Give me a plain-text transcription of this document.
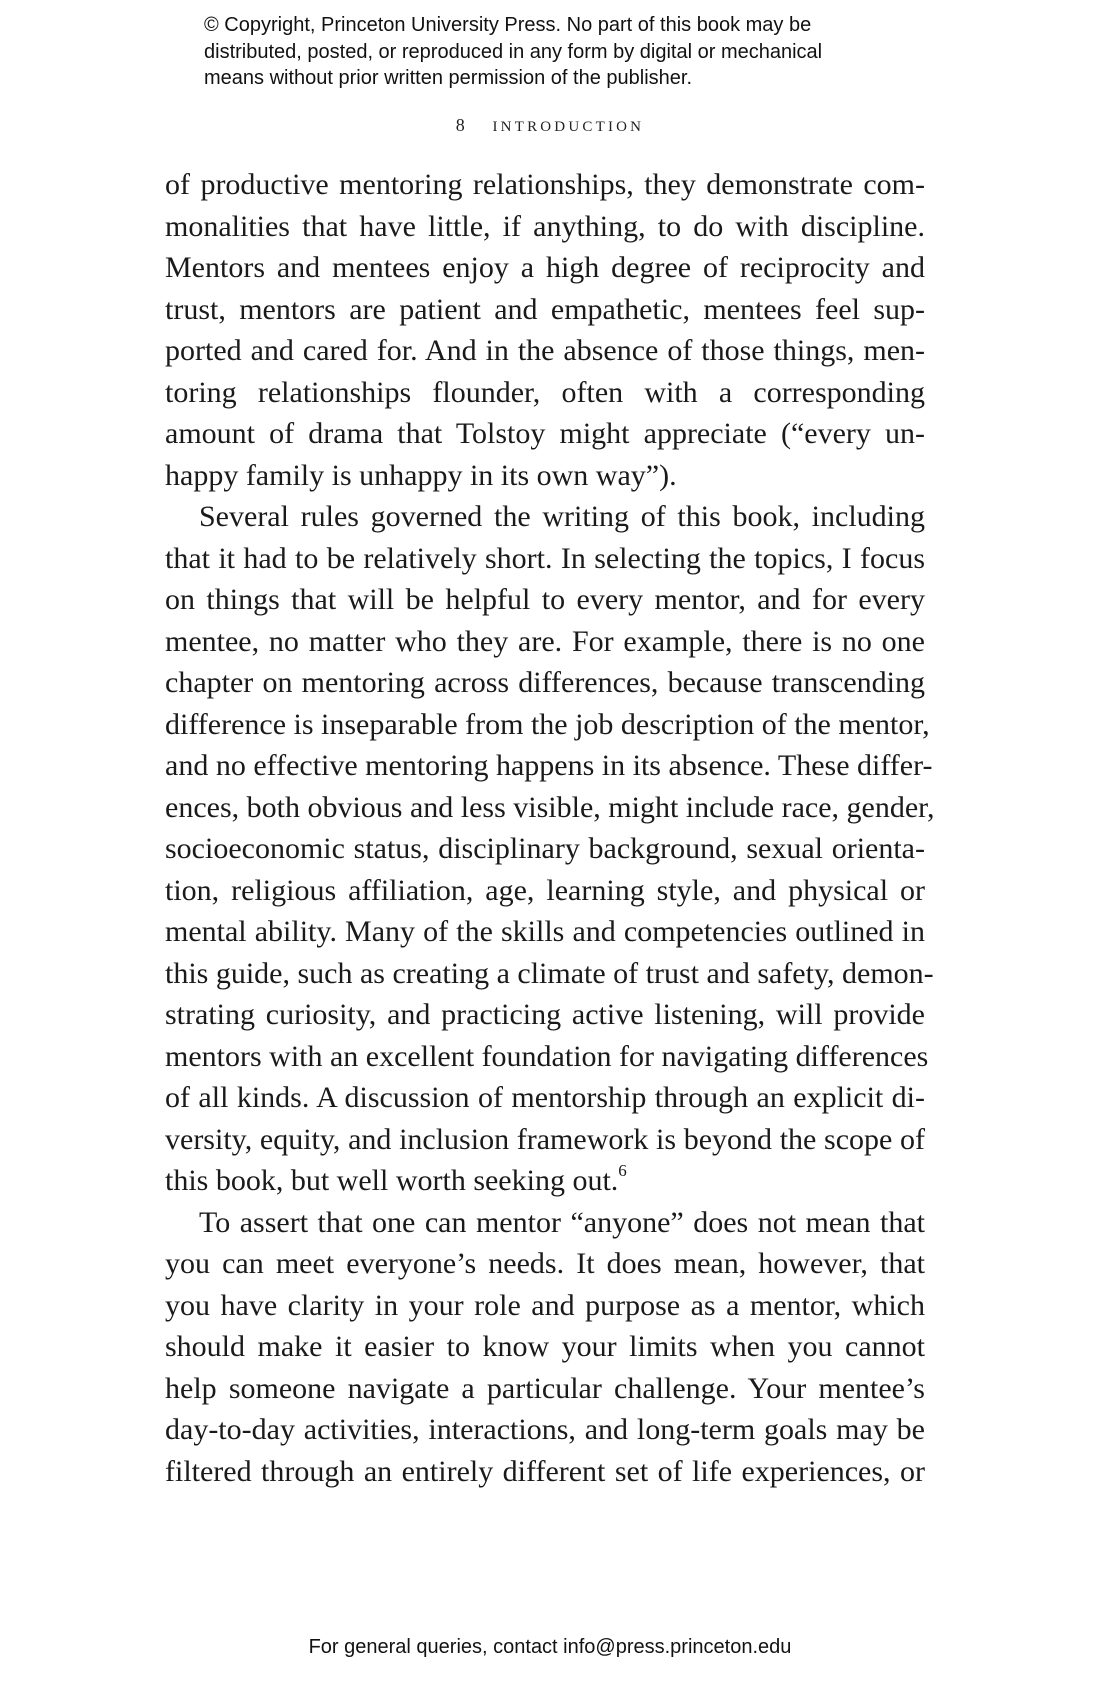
© Copyright, Princeton University Press. No part of this book may be
distributed, posted, or reproduced in any form by digital or mechanical
means without prior written permission of the publisher.
8 introduction
of productive mentoring relationships, they demonstrate com-
monalities that have little, if anything, to do with discipline.
Mentors and mentees enjoy a high degree of reciprocity and
trust, mentors are patient and empathetic, mentees feel sup-
ported and cared for. And in the absence of those things, men-
toring relationships flounder, often with a corresponding
amount of drama that Tolstoy might appreciate (“every un-
happy family is unhappy in its own way”).
Several rules governed the writing of this book, including
that it had to be relatively short. In selecting the topics, I focus
on things that will be helpful to every mentor, and for every
mentee, no matter who they are. For example, there is no one
chapter on mentoring across differences, because transcending
difference is inseparable from the job description of the mentor,
and no effective mentoring happens in its absence. These differ-
ences, both obvious and less visible, might include race, gender,
socioeconomic status, disciplinary background, sexual orienta-
tion, religious affiliation, age, learning style, and physical or
mental ability. Many of the skills and competencies outlined in
this guide, such as creating a climate of trust and safety, demon-
strating curiosity, and practicing active listening, will provide
mentors with an excellent foundation for navigating differences
of all kinds. A discussion of mentorship through an explicit di-
versity, equity, and inclusion framework is beyond the scope of
this book, but well worth seeking out.$^6$
To assert that one can mentor “anyone” does not mean that
you can meet everyone’s needs. It does mean, however, that
you have clarity in your role and purpose as a mentor, which
should make it easier to know your limits when you cannot
help someone navigate a particular challenge. Your mentee’s
day-to-day activities, interactions, and long-term goals may be
filtered through an entirely different set of life experiences, or
For general queries, contact info@press.princeton.edu
